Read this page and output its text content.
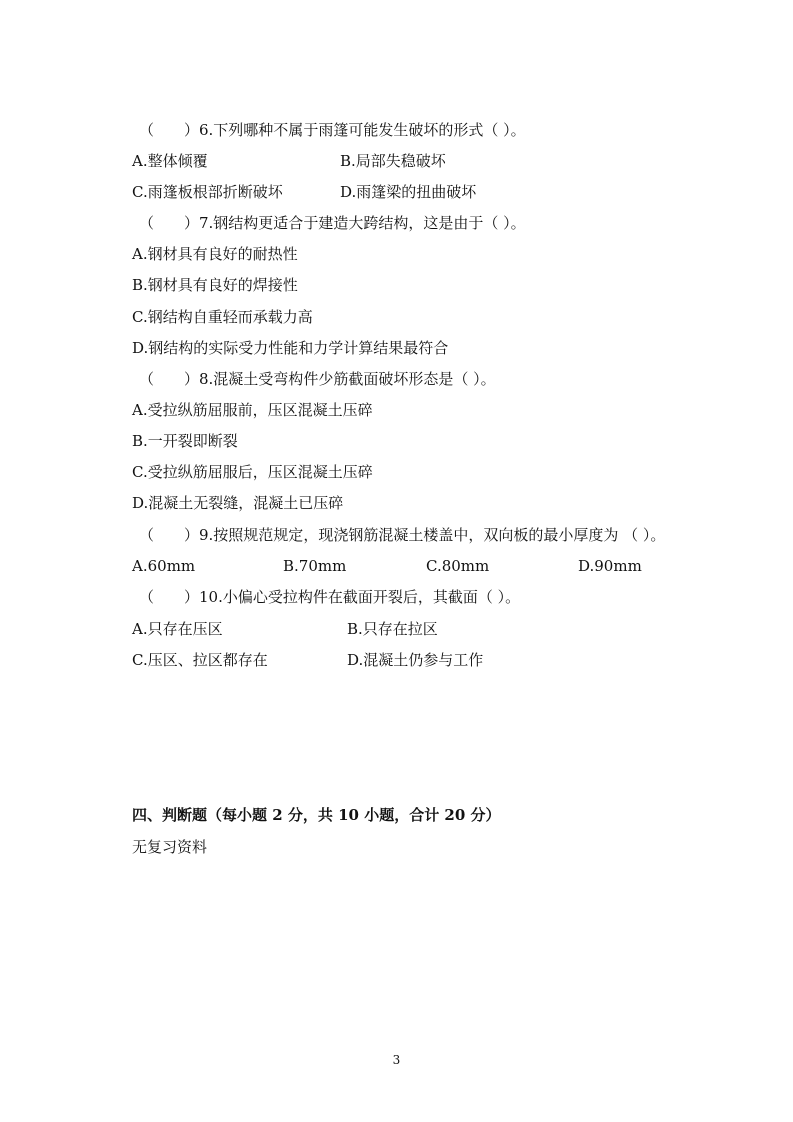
（　　）6.下列哪种不属于雨篷可能发生破坏的形式（ ）。
A.整体倾覆	B.局部失稳破坏
C.雨篷板根部折断破坏	D.雨篷梁的扭曲破坏
（　　）7.钢结构更适合于建造大跨结构，这是由于（ ）。
A.钢材具有良好的耐热性
B.钢材具有良好的焊接性
C.钢结构自重轻而承载力高
D.钢结构的实际受力性能和力学计算结果最符合
（　　）8.混凝土受弯构件少筋截面破坏形态是（ ）。
A.受拉纵筋屈服前，压区混凝土压碎
B.一开裂即断裂
C.受拉纵筋屈服后，压区混凝土压碎
D.混凝土无裂缝，混凝土已压碎
（　　）9.按照规范规定，现浇钢筋混凝土楼盖中，双向板的最小厚度为 （ ）。
A.60mm	B.70mm	C.80mm	D.90mm
（　　）10.小偏心受拉构件在截面开裂后，其截面（ ）。
A.只存在压区	B.只存在拉区
C.压区、拉区都存在	D.混凝土仍参与工作
四、判断题（每小题 2 分，共 10 小题，合计 20 分）
无复习资料
3
